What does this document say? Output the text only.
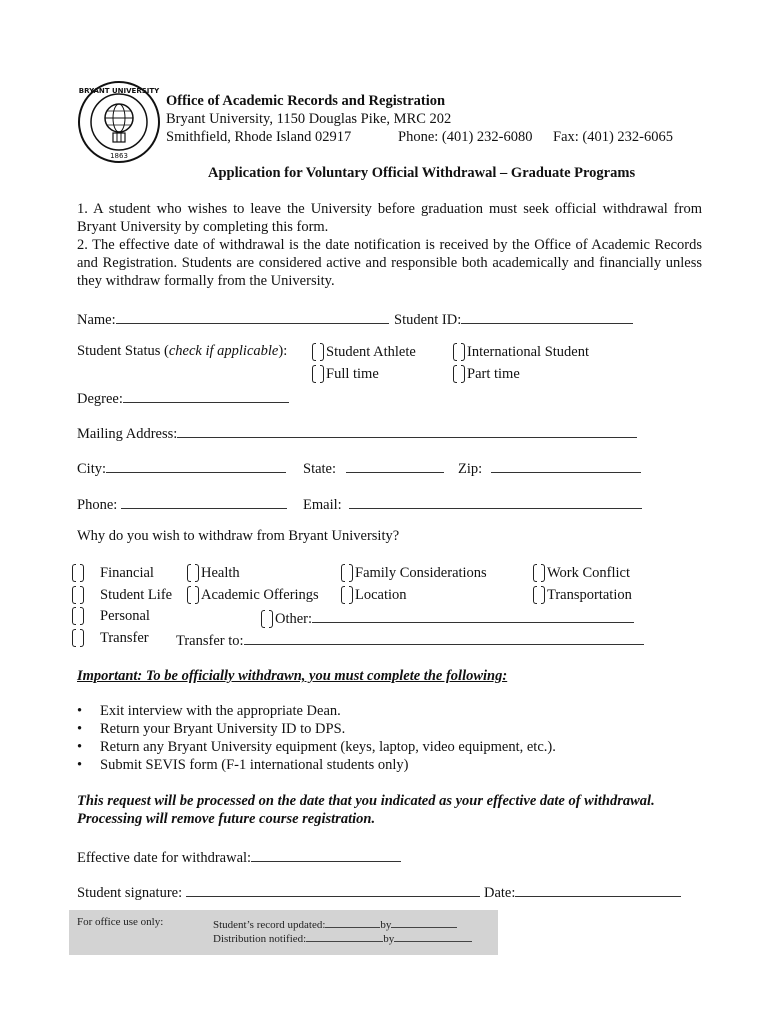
BRYANT UNIVERSITY
1863
Office of Academic Records and Registration
Bryant University, 1150 Douglas Pike, MRC 202
Smithfield, Rhode Island 02917	Phone: (401) 232-6080 Fax: (401) 232-6065
Application for Voluntary Official Withdrawal – Graduate Programs
1. A student who wishes to leave the University before graduation must seek official withdrawal from Bryant University by completing this form.
2. The effective date of withdrawal is the date notification is received by the Office of Academic Records and Registration. Students are considered active and responsible both academically and financially unless they withdraw formally from the University.
Name:	Student ID:
Student Status (check if applicable):	Student Athlete	International Student
Full time	Part time
Degree:
Mailing Address:
City:	State:	Zip:
Phone:	Email:
Why do you wish to withdraw from Bryant University?
Financial	Health	Family Considerations	Work Conflict
Student Life	Academic Offerings	Location	Transportation
Personal	Other:
Transfer Transfer to:
Important: To be officially withdrawn, you must complete the following:
• Exit interview with the appropriate Dean.
• Return your Bryant University ID to DPS.
• Return any Bryant University equipment (keys, laptop, video equipment, etc.).
• Submit SEVIS form (F-1 international students only)
This request will be processed on the date that you indicated as your effective date of withdrawal.
Processing will remove future course registration.
Effective date for withdrawal:
Student signature:	Date:
For office use only:	Student’s record updated:	by
Distribution notified:	by
